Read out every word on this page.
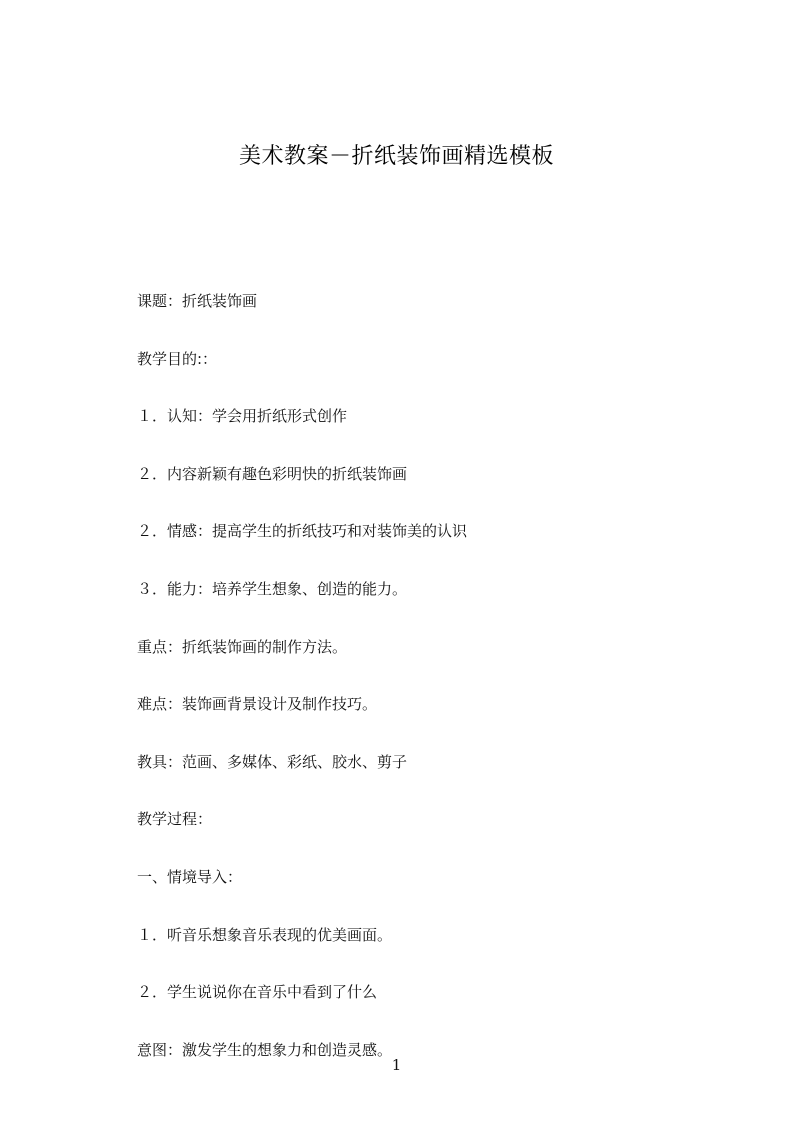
美术教案－折纸装饰画精选模板
课题：折纸装饰画
教学目的:：
１．认知：学会用折纸形式创作
２．内容新颖有趣色彩明快的折纸装饰画
２．情感：提高学生的折纸技巧和对装饰美的认识
３．能力：培养学生想象、创造的能力。
重点：折纸装饰画的制作方法。
难点：装饰画背景设计及制作技巧。
教具：范画、多媒体、彩纸、胶水、剪子
教学过程：
一、情境导入：
１．听音乐想象音乐表现的优美画面。
２．学生说说你在音乐中看到了什么
意图：激发学生的想象力和创造灵感。
1
